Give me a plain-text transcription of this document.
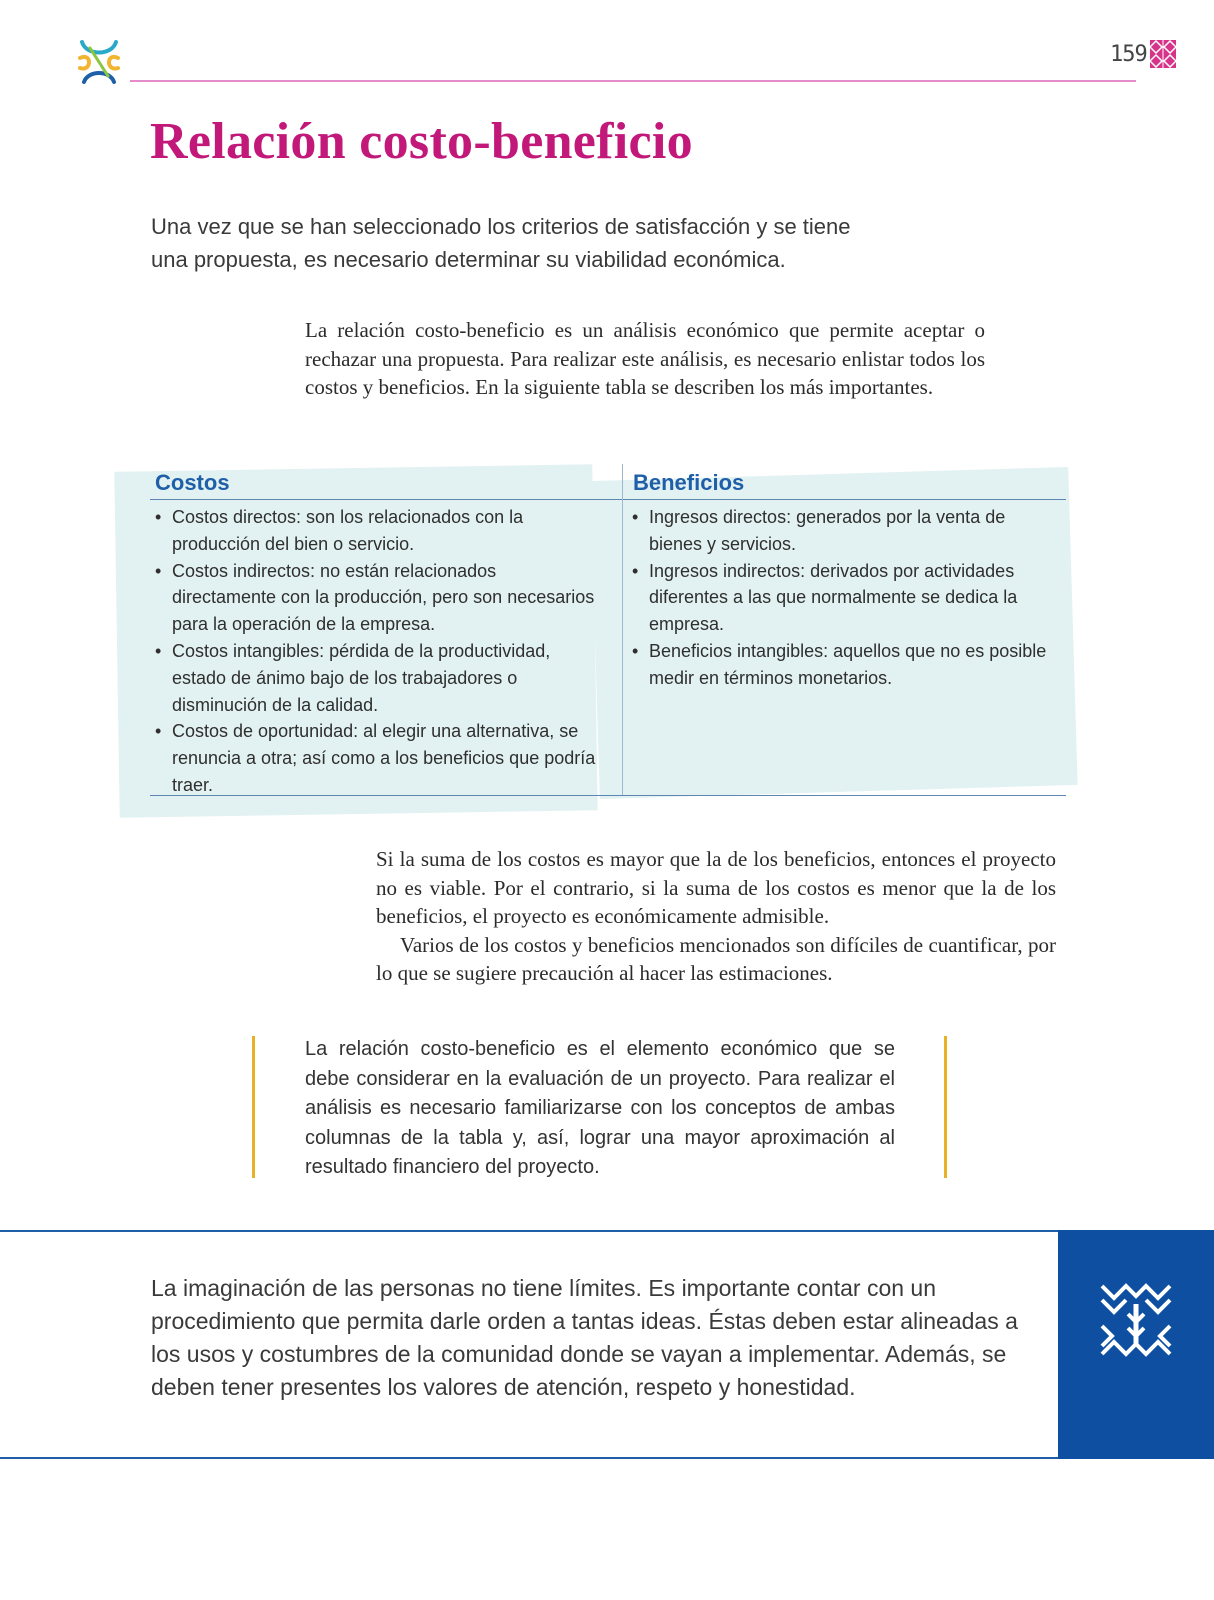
159
Relación costo-beneficio

Una vez que se han seleccionado los criterios de satisfacción y se tiene una propuesta, es necesario determinar su viabilidad económica.

La relación costo-beneficio es un análisis económico que permite aceptar o rechazar una propuesta. Para realizar este análisis, es necesario enlistar todos los costos y beneficios. En la siguiente tabla se describen los más importantes.

Costos
• Costos directos: son los relacionados con la producción del bien o servicio.
• Costos indirectos: no están relacionados directamente con la producción, pero son necesarios para la operación de la empresa.
• Costos intangibles: pérdida de la productividad, estado de ánimo bajo de los trabajadores o disminución de la calidad.
• Costos de oportunidad: al elegir una alternativa, se renuncia a otra; así como a los beneficios que podría traer.
Beneficios
• Ingresos directos: generados por la venta de bienes y servicios.
• Ingresos indirectos: derivados por actividades diferentes a las que normalmente se dedica la empresa.
• Beneficios intangibles: aquellos que no es posible medir en términos monetarios.

Si la suma de los costos es mayor que la de los beneficios, entonces el proyecto no es viable. Por el contrario, si la suma de los costos es menor que la de los beneficios, el proyecto es económicamente admisible.

Varios de los costos y beneficios mencionados son difíciles de cuantificar, por lo que se sugiere precaución al hacer las estimaciones.

La relación costo-beneficio es el elemento económico que se debe considerar en la evaluación de un proyecto. Para realizar el análisis es necesario familiarizarse con los conceptos de ambas columnas de la tabla y, así, lograr una mayor aproximación al resultado financiero del proyecto.

La imaginación de las personas no tiene límites. Es importante contar con un procedimiento que permita darle orden a tantas ideas. Éstas deben estar alineadas a los usos y costumbres de la comunidad donde se vayan a implementar. Además, se deben tener presentes los valores de atención, respeto y honestidad.
